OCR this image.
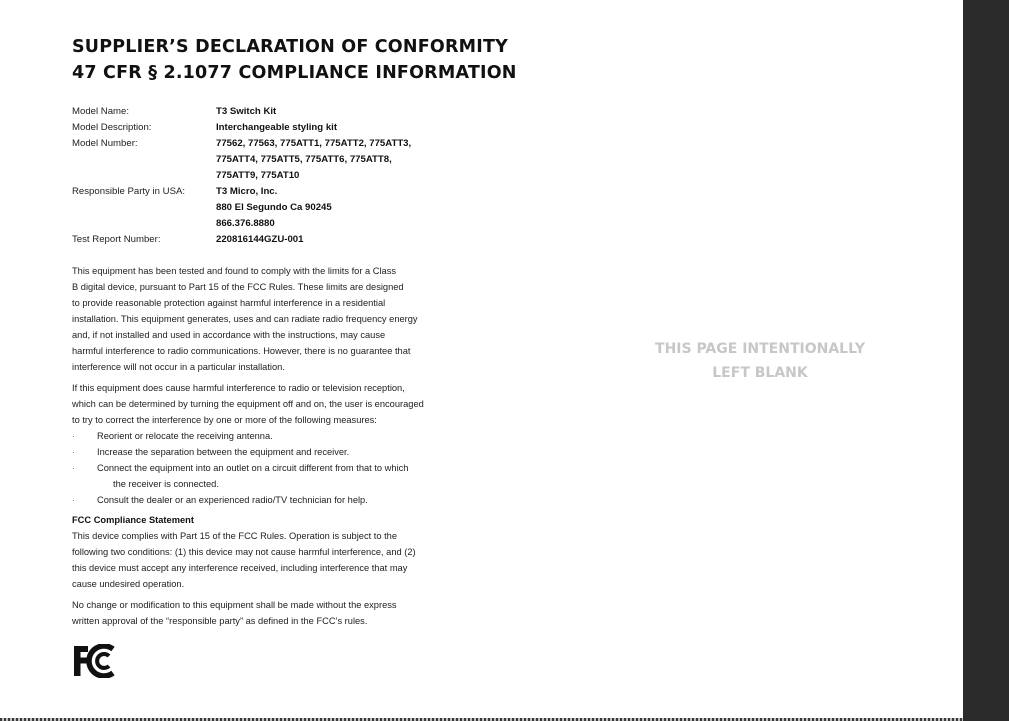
SUPPLIER’S DECLARATION OF CONFORMITY
47 CFR § 2.1077 COMPLIANCE INFORMATION
Model Name:	T3 Switch Kit
Model Description:	Interchangeable styling kit
Model Number:	77562, 77563, 775ATT1, 775ATT2, 775ATT3,
775ATT4, 775ATT5, 775ATT6, 775ATT8,
775ATT9, 775AT10
Responsible Party in USA:	T3 Micro, Inc.
880 El Segundo Ca 90245
866.376.8880
Test Report Number:	220816144GZU-001

This equipment has been tested and found to comply with the limits for a Class
B digital device, pursuant to Part 15 of the FCC Rules. These limits are designed
to provide reasonable protection against harmful interference in a residential
installation. This equipment generates, uses and can radiate radio frequency energy
and, if not installed and used in accordance with the instructions, may cause
harmful interference to radio communications. However, there is no guarantee that
interference will not occur in a particular installation.

If this equipment does cause harmful interference to radio or television reception,
which can be determined by turning the equipment off and on, the user is encouraged
to try to correct the interference by one or more of the following measures:

· Reorient or relocate the receiving antenna.
· Increase the separation between the equipment and receiver.
· Connect the equipment into an outlet on a circuit different from that to which
the receiver is connected.
· Consult the dealer or an experienced radio/TV technician for help.
FCC Compliance Statement

This device complies with Part 15 of the FCC Rules. Operation is subject to the
following two conditions: (1) this device may not cause harmful interference, and (2)
this device must accept any interference received, including interference that may
cause undesired operation.

No change or modification to this equipment shall be made without the express
written approval of the “responsible party” as defined in the FCC’s rules.

THIS PAGE INTENTIONALLY
LEFT BLANK
